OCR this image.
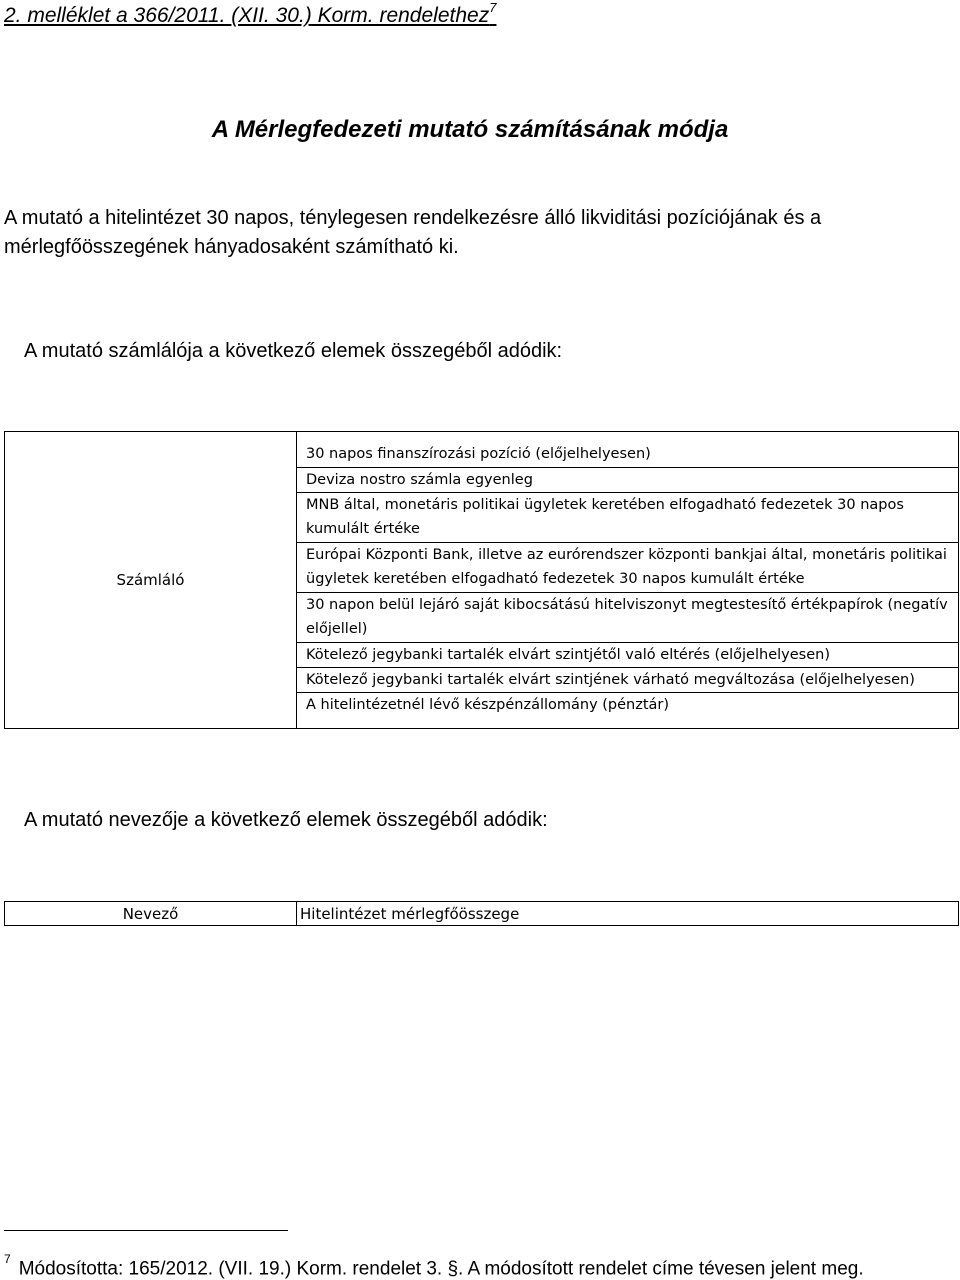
2. melléklet a 366/2011. (XII. 30.) Korm. rendelethez$^7$
A Mérlegfedezeti mutató számításának módja
A mutató a hitelintézet 30 napos, ténylegesen rendelkezésre álló likviditási pozíciójának és a mérlegfőösszegének hányadosaként számítható ki.
A mutató számlálója a következő elemek összegéből adódik:
Számláló	
30 napos finanszírozási pozíció (előjelhelyesen)
Deviza nostro számla egyenleg
MNB által, monetáris politikai ügyletek keretében elfogadható fedezetek 30 napos kumulált értéke
Európai Központi Bank, illetve az eurórendszer központi bankjai által, monetáris politikai ügyletek keretében elfogadható fedezetek 30 napos kumulált értéke
30 napon belül lejáró saját kibocsátású hitelviszonyt megtestesítő értékpapírok (negatív előjellel)
Kötelező jegybanki tartalék elvárt szintjétől való eltérés (előjelhelyesen)
Kötelező jegybanki tartalék elvárt szintjének várható megváltozása (előjelhelyesen)
A hitelintézetnél lévő készpénzállomány (pénztár)
A mutató nevezője a következő elemek összegéből adódik:
Nevező	Hitelintézet mérlegfőösszege
$^7$ Módosította: 165/2012. (VII. 19.) Korm. rendelet 3. §. A módosított rendelet címe tévesen jelent meg.
